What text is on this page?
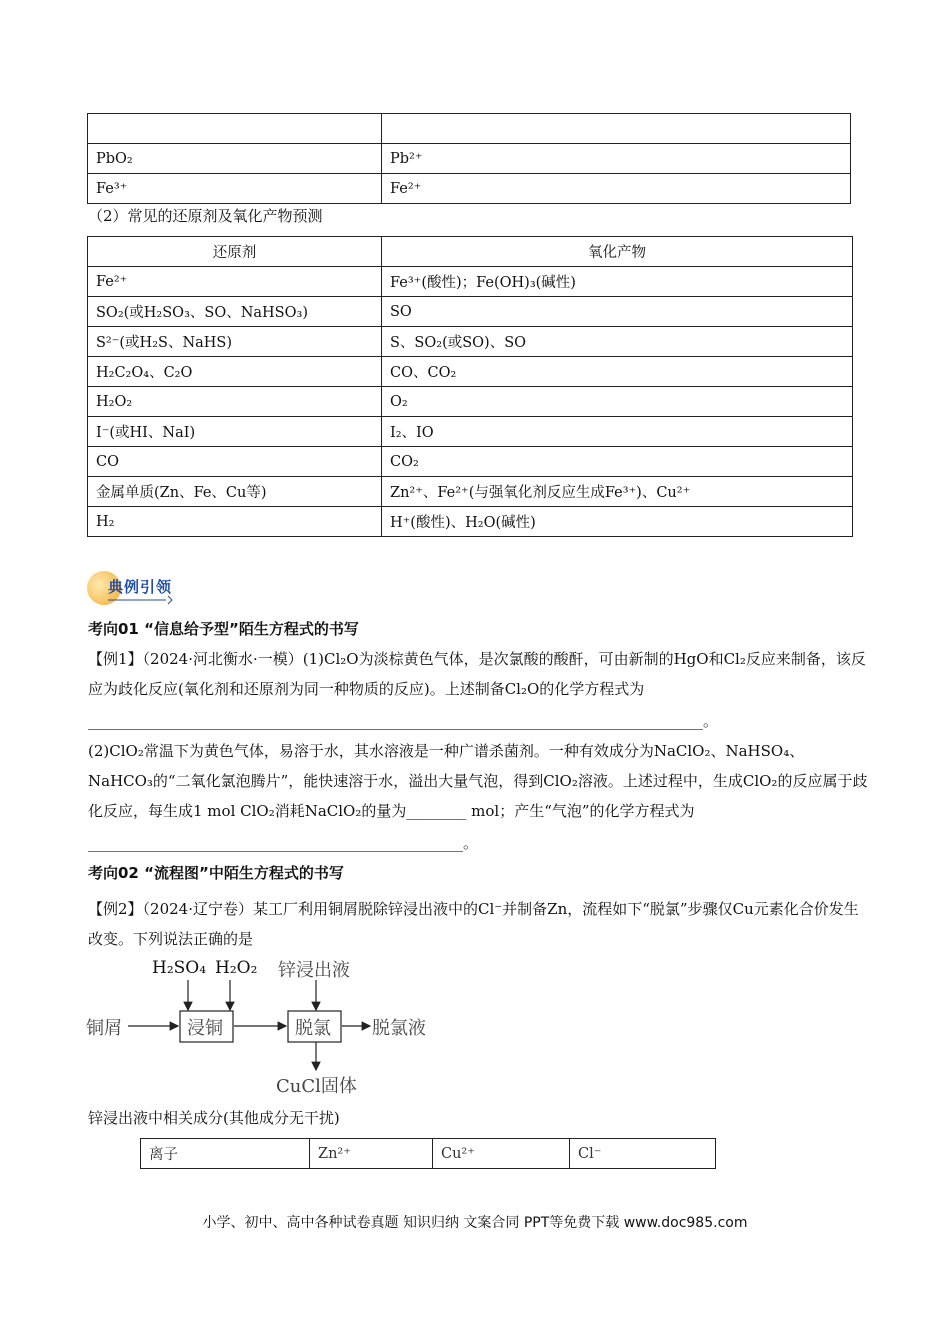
PbO₂	Pb²⁺
Fe³⁺	Fe²⁺
（2）常见的还原剂及氧化产物预测
还原剂	氧化产物
Fe²⁺	Fe³⁺(酸性)；Fe(OH)₃(碱性)
SO₂(或H₂SO₃、SO、NaHSO₃)	SO
S²⁻(或H₂S、NaHS)	S、SO₂(或SO)、SO
H₂C₂O₄、C₂O	CO、CO₂
H₂O₂	O₂
I⁻(或HI、NaI)	I₂、IO
CO	CO₂
金属单质(Zn、Fe、Cu等)	Zn²⁺、Fe²⁺(与强氧化剂反应生成Fe³⁺)、Cu²⁺
H₂	H⁺(酸性)、H₂O(碱性)
典例引领
考向01 “信息给予型”陌生方程式的书写
【例1】（2024·河北衡水·一模）(1)Cl₂O为淡棕黄色气体，是次氯酸的酸酐，可由新制的HgO和Cl₂反应来制备，该反应为歧化反应(氧化剂和还原剂为同一种物质的反应)。上述制备Cl₂O的化学方程式为
__________________________________________________________________________________。
(2)ClO₂常温下为黄色气体，易溶于水，其水溶液是一种广谱杀菌剂。一种有效成分为NaClO₂、NaHSO₄、NaHCO₃的“二氧化氯泡腾片”，能快速溶于水，溢出大量气泡，得到ClO₂溶液。上述过程中，生成ClO₂的反应属于歧化反应，每生成1 mol ClO₂消耗NaClO₂的量为________ mol；产生“气泡”的化学方程式为
__________________________________________________。
考向02 “流程图”中陌生方程式的书写
【例2】（2024·辽宁卷）某工厂利用铜屑脱除锌浸出液中的Cl⁻并制备Zn，流程如下“脱氯”步骤仅Cu元素化合价发生改变。下列说法正确的是
H₂SO₄ H₂O₂ 锌浸出液
铜屑	浸铜	脱氯 脱氯液
CuCl固体
锌浸出液中相关成分(其他成分无干扰)
离子	Zn²⁺	Cu²⁺	Cl⁻
小学、初中、高中各种试卷真题 知识归纳 文案合同 PPT等免费下载 www.doc985.com
